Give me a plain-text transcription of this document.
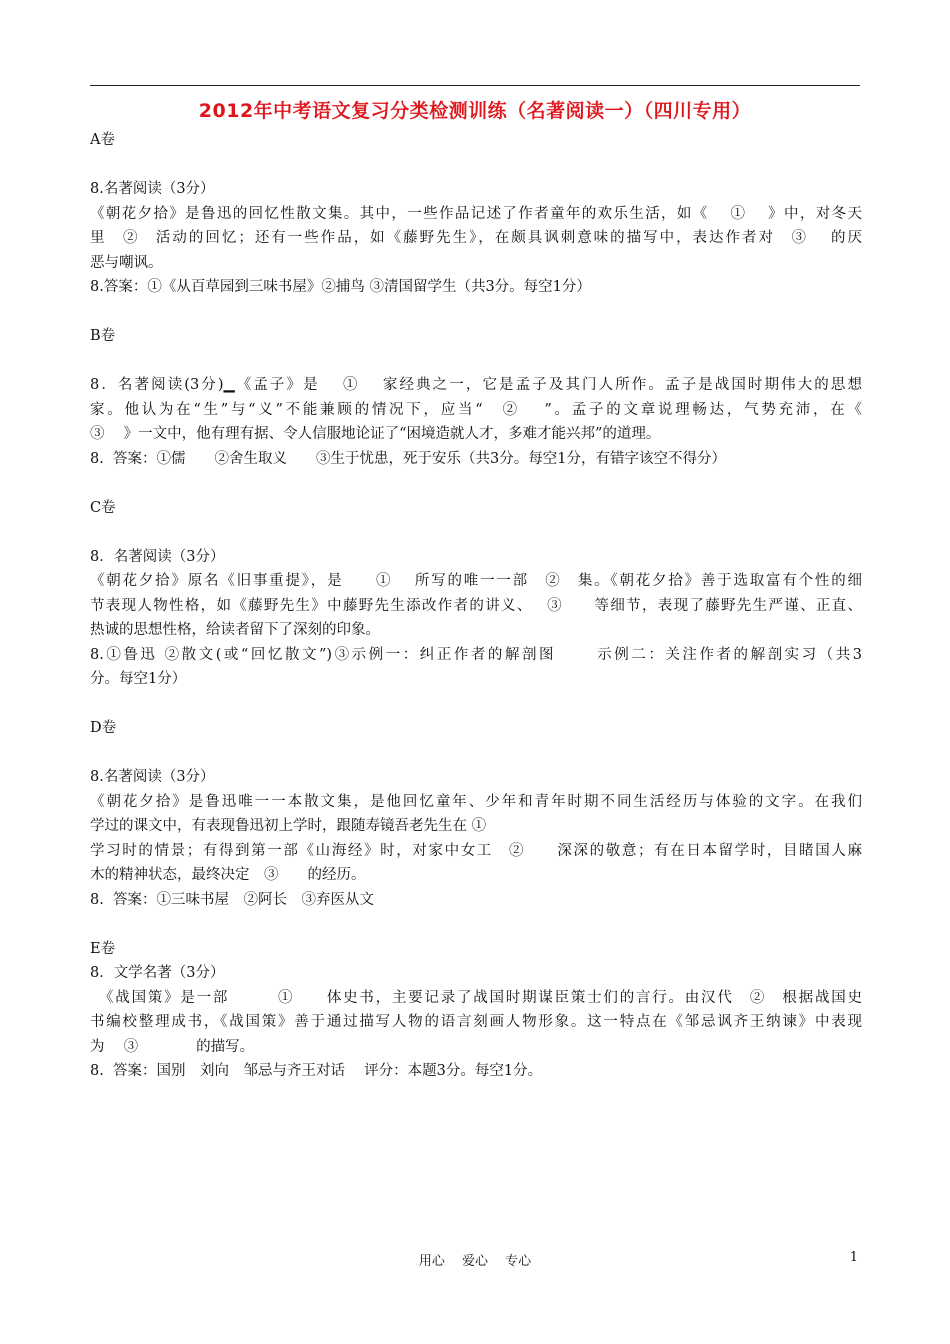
2012年中考语文复习分类检测训练（名著阅读一）（四川专用）
A卷
8.名著阅读（3分）
《朝花夕拾》是鲁迅的回忆性散文集。其中，一些作品记述了作者童年的欢乐生活，如《　 ①　 》中，对冬天
里　②　活动的回忆；还有一些作品，如《藤野先生》，在颇具讽刺意味的描写中，表达作者对　③　 的厌
恶与嘲讽。
8.答案：①《从百草园到三味书屋》②捕鸟 ③清国留学生（共3分。每空1分）
B卷
8．名著阅读(3分)▁《孟子》是　 ①　 家经典之一，它是孟子及其门人所作。孟子是战国时期伟大的思想
家。他认为在“生”与“义”不能兼顾的情况下，应当“　②　 ”。孟子的文章说理畅达，气势充沛，在《
③　 》一文中，他有理有据、令人信服地论证了“困境造就人才，多难才能兴邦”的道理。
8.  答案：①儒　　②舍生取义　　③生于忧患，死于安乐（共3分。每空1分，有错字该空不得分）
C卷
8．名著阅读（3分）
《朝花夕拾》原名《旧事重提》，是　　①　 所写的唯一一部　②　集。《朝花夕拾》善于选取富有个性的细
节表现人物性格，如《藤野先生》中藤野先生添改作者的讲义、　 ③　　等细节，表现了藤野先生严谨、正直、
热诚的思想性格，给读者留下了深刻的印象。
8.①鲁迅 ②散文(或“回忆散文”)③示例一：纠正作者的解剖图　　 示例二：关注作者的解剖实习（共3
分。每空1分）
D卷
8.名著阅读（3分）
《朝花夕拾》是鲁迅唯一一本散文集，是他回忆童年、少年和青年时期不同生活经历与体验的文字。在我们
学过的课文中，有表现鲁迅初上学时，跟随寿镜吾老先生在 ①
学习时的情景；有得到第一部《山海经》时，对家中女工　②　　深深的敬意；有在日本留学时，目睹国人麻
木的精神状态，最终决定　③　　的经历。
8.  答案：①三味书屋　②阿长　③弃医从文
E卷
8．文学名著（3分）
　《战国策》是一部　　　①　　体史书，主要记录了战国时期谋臣策士们的言行。由汉代　②　根据战国史
书编校整理成书，《战国策》善于通过描写人物的语言刻画人物形象。这一特点在《邹忌讽齐王纳谏》中表现
为　 ③　　　　的描写。
8.  答案：国别　刘向　邹忌与齐王对话　 评分：本题3分。每空1分。
用心　 爱心　 专心	1
